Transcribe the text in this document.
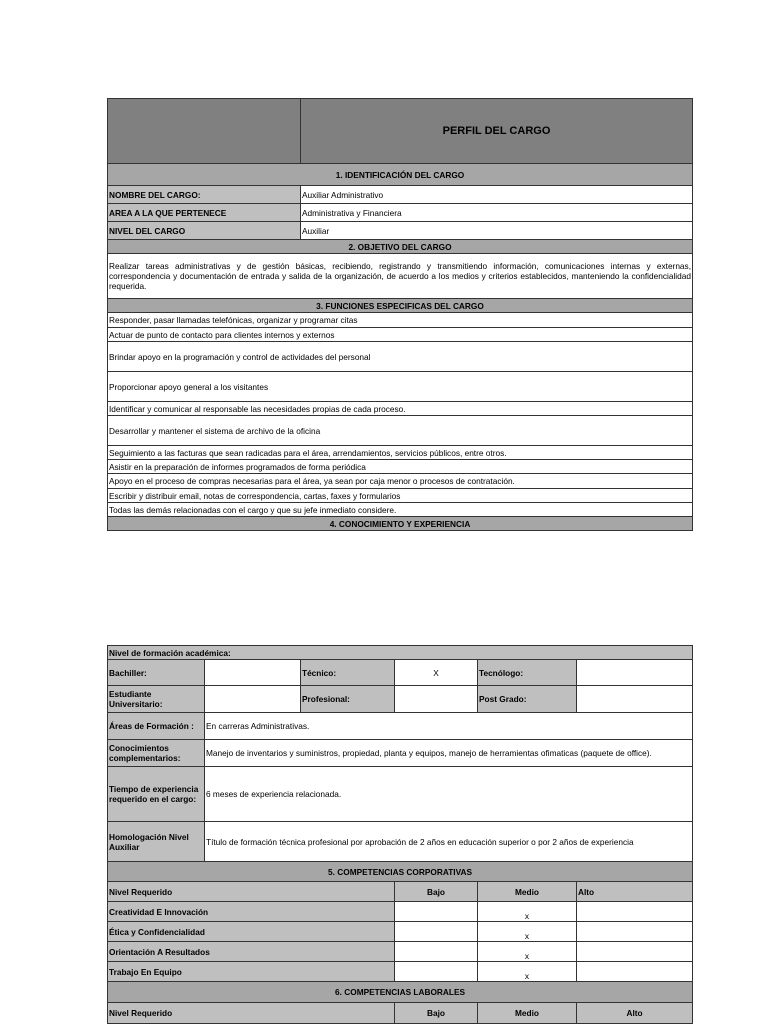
	PERFIL DEL CARGO
1. IDENTIFICACIÓN DEL CARGO	
NOMBRE DEL CARGO:	Auxiliar Administrativo
AREA A LA QUE PERTENECE	Administrativa y Financiera
NIVEL DEL CARGO	Auxiliar
2. OBJETIVO DEL CARGO	
Realizar tareas administrativas y de gestión básicas, recibiendo, registrando y transmitiendo información, comunicaciones internas y externas, correspondencia y documentación de entrada y salida de la organización, de acuerdo a los medios y criterios establecidos, manteniendo la confidencialidad requerida.	
3. FUNCIONES ESPECIFICAS DEL CARGO	
Responder, pasar llamadas telefónicas, organizar y programar citas	
Actuar de punto de contacto para clientes internos y externos	
Brindar apoyo en la programación y control de actividades del personal	
Proporcionar apoyo general a los visitantes	
Identificar y comunicar al responsable las necesidades propias de cada proceso.	
Desarrollar y mantener el sistema de archivo de la oficina	
Seguimiento a las facturas que sean radicadas para el área, arrendamientos, servicios públicos, entre otros.	
Asistir en la preparación de informes programados de forma periódica	
Apoyo en el proceso de compras necesarias para el área, ya sean por caja menor o procesos de contratación.	
Escribir y distribuir email, notas de correspondencia, cartas, faxes y formularios	
Todas las demás relacionadas con el cargo y que su jefe inmediato considere.	
4. CONOCIMIENTO Y EXPERIENCIA	
Nivel de formación académica:					
Bachiller:		Técnico:	X	Tecnólogo:	
Estudiante Universitario:		Profesional:		Post Grado:	
Áreas de Formación :	En carreras Administrativas.				
Conocimientos complementarios:	Manejo de inventarios y suministros, propiedad, planta y equipos, manejo de herramientas ofimaticas (paquete de office).				
Tiempo de experiencia requerido en el cargo:	6 meses de experiencia relacionada.				
Homologación Nivel Auxiliar	Título de formación técnica profesional por aprobación de 2 años en educación superior o por 2 años de experiencia				
5. COMPETENCIAS CORPORATIVAS					
Nivel Requerido			Bajo	Medio	Alto
Creatividad E Innovación				x	
Ética y Confidencialidad				x	
Orientación A Resultados				x	
Trabajo En Equipo				x	
6. COMPETENCIAS LABORALES					
Nivel Requerido			Bajo	Medio	Alto
